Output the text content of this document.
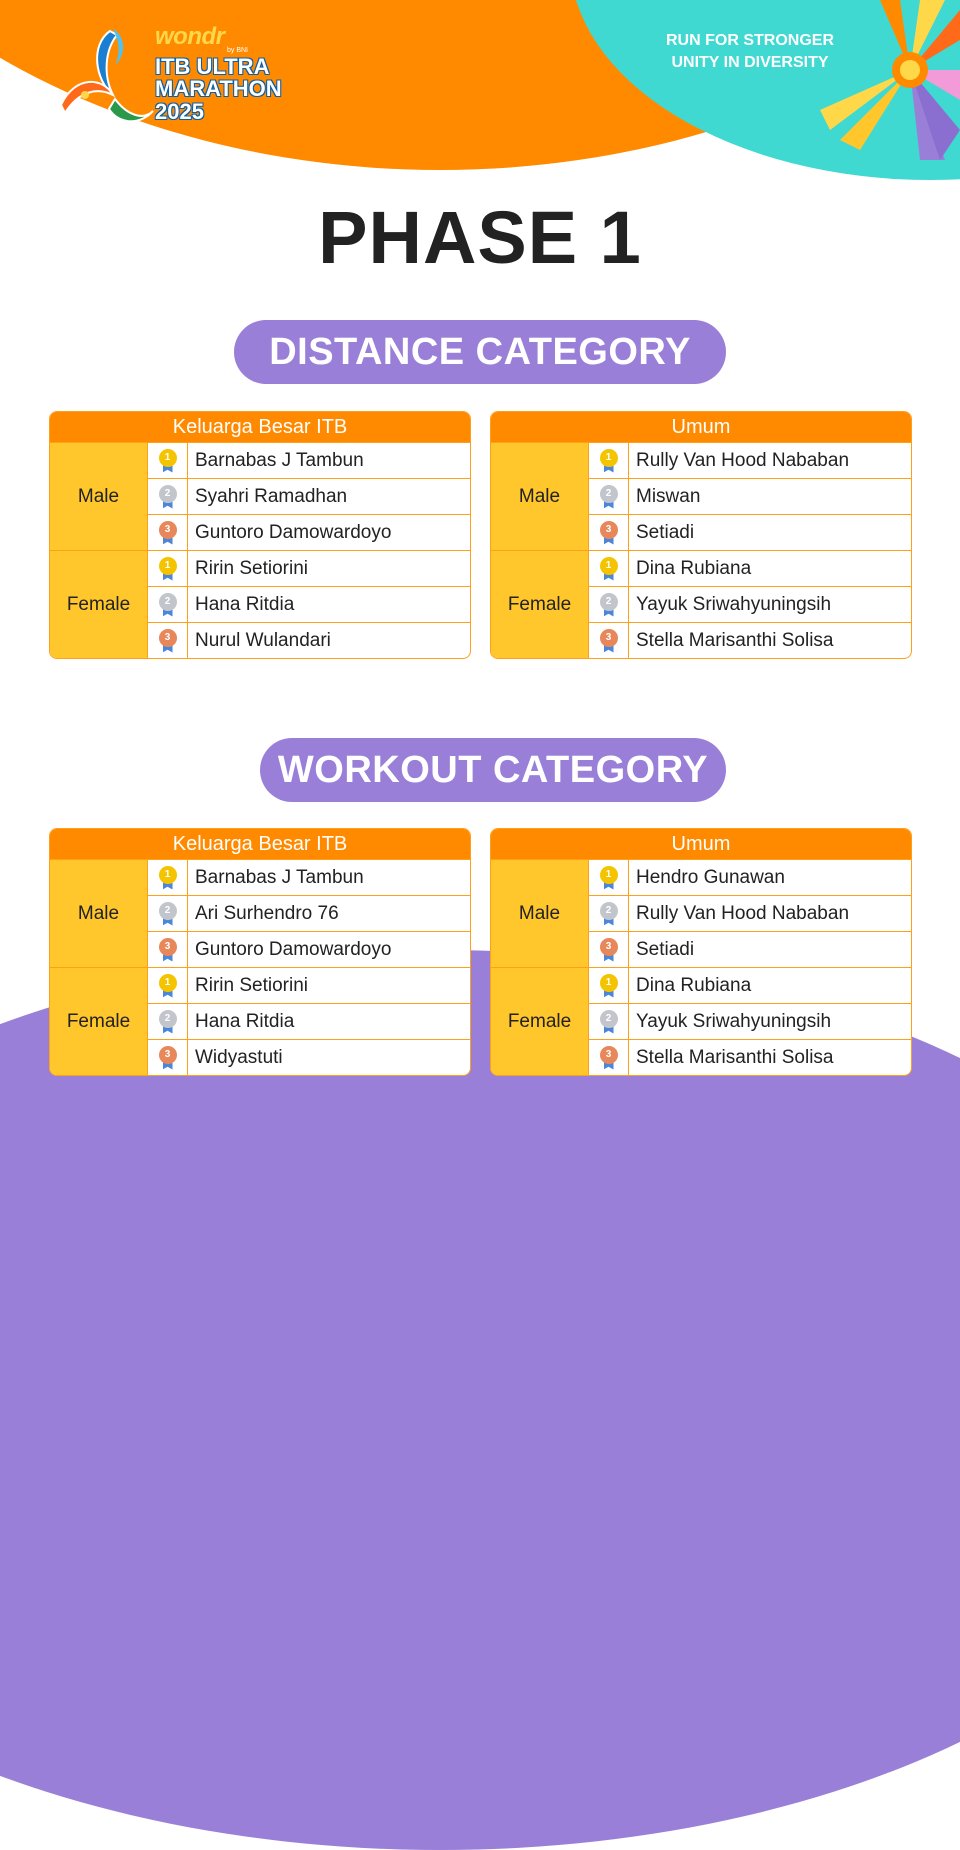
wondr
by BNI
ITB ULTRA
MARATHON
2025
RUN FOR STRONGER
UNITY IN DIVERSITY
PHASE 1
DISTANCE CATEGORY
Keluarga Besar ITB
Male
1	Barnabas J Tambun
2	Syahri Ramadhan
3	Guntoro Damowardoyo
Female
1	Ririn Setiorini
2	Hana Ritdia
3	Nurul Wulandari
Umum
Male
1	Rully Van Hood Nababan
2	Miswan
3	Setiadi
Female
1	Dina Rubiana
2	Yayuk Sriwahyuningsih
3	Stella Marisanthi Solisa
WORKOUT CATEGORY
Keluarga Besar ITB
Male
1	Barnabas J Tambun
2	Ari Surhendro 76
3	Guntoro Damowardoyo
Female
1	Ririn Setiorini
2	Hana Ritdia
3	Widyastuti
Umum
Male
1	Hendro Gunawan
2	Rully Van Hood Nababan
3	Setiadi
Female
1	Dina Rubiana
2	Yayuk Sriwahyuningsih
3	Stella Marisanthi Solisa
